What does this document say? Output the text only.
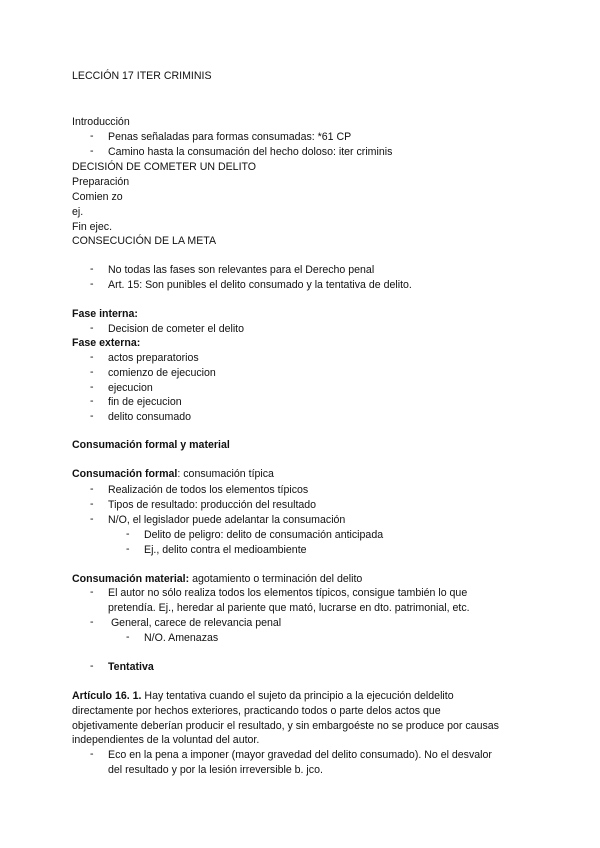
LECCIÓN 17 ITER CRIMINIS
Introducción
- Penas señaladas para formas consumadas: *61 CP
- Camino hasta la consumación del hecho doloso: iter criminis
DECISIÓN DE COMETER UN DELITO
Preparación
Comien zo
ej.
Fin ejec.
CONSECUCIÓN DE LA META
- No todas las fases son relevantes para el Derecho penal
- Art. 15: Son punibles el delito consumado y la tentativa de delito.
Fase interna:
- Decision de cometer el delito
Fase externa:
- actos preparatorios
- comienzo de ejecucion
- ejecucion
- fin de ejecucion
- delito consumado
Consumación formal y material
Consumación formal: consumación típica
- Realización de todos los elementos típicos
- Tipos de resultado: producción del resultado
- N/O, el legislador puede adelantar la consumación
- Delito de peligro: delito de consumación anticipada
- Ej., delito contra el medioambiente
Consumación material: agotamiento o terminación del delito
- El autor no sólo realiza todos los elementos típicos, consigue también lo que
pretendía. Ej., heredar al pariente que mató, lucrarse en dto. patrimonial, etc.
- General, carece de relevancia penal
- N/O. Amenazas
- Tentativa
Artículo 16. 1. Hay tentativa cuando el sujeto da principio a la ejecución deldelito
directamente por hechos exteriores, practicando todos o parte delos actos que
objetivamente deberían producir el resultado, y sin embargoéste no se produce por causas
independientes de la voluntad del autor.
- Eco en la pena a imponer (mayor gravedad del delito consumado). No el desvalor
del resultado y por la lesión irreversible b. jco.
